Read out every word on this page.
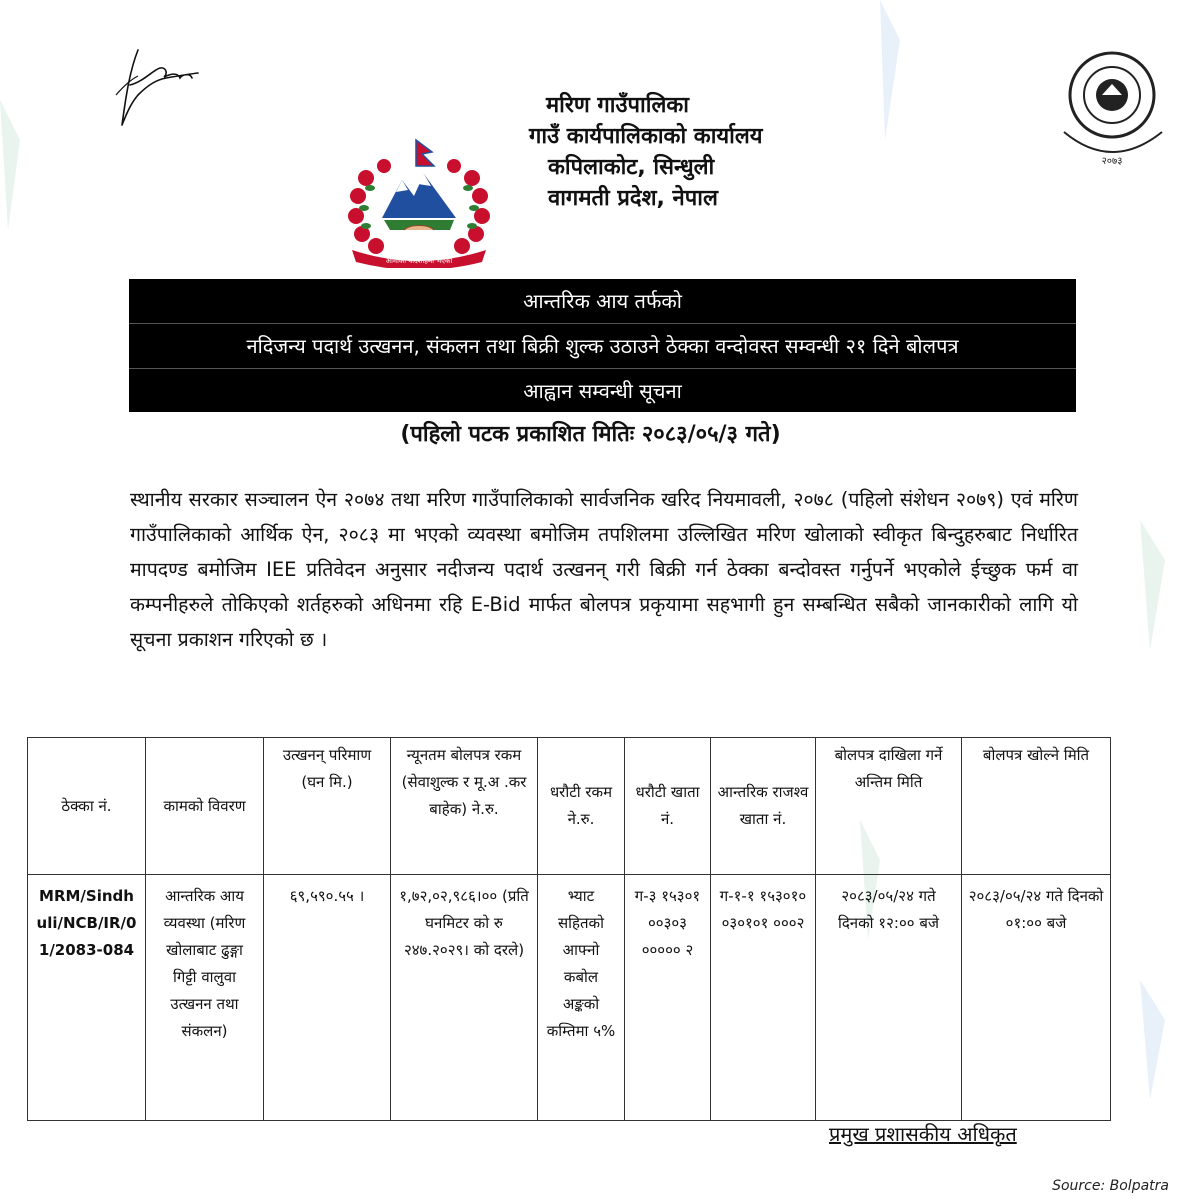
आमाको वादशाहमा भएको
मरिण गाउँपालिका
गाउँ कार्यपालिकाको कार्यालय
कपिलाकोट, सिन्धुली
वागमती प्रदेश, नेपाल
२०७३
आन्तरिक आय तर्फको
नदिजन्य पदार्थ उत्खनन, संकलन तथा बिक्री शुल्क उठाउने ठेक्का वन्दोवस्त सम्वन्धी २१ दिने बोलपत्र
आह्वान सम्वन्धी सूचना
(पहिलो पटक प्रकाशित मितिः २०८३/०५/३ गते)
स्थानीय सरकार सञ्चालन ऐन २०७४ तथा मरिण गाउँपालिकाको सार्वजनिक खरिद नियमावली, २०७८ (पहिलो संशेधन २०७९) एवं मरिण गाउँपालिकाको आर्थिक ऐन, २०८३ मा भएको व्यवस्था बमोजिम तपशिलमा उल्लिखित मरिण खोलाको स्वीकृत बिन्दुहरुबाट निर्धारित मापदण्ड बमोजिम IEE प्रतिवेदन अनुसार नदीजन्य पदार्थ उत्खनन् गरी बिक्री गर्न ठेक्का बन्दोवस्त गर्नुपर्ने भएकोले ईच्छुक फर्म वा कम्पनीहरुले तोकिएको शर्तहरुको अधिनमा रहि E-Bid मार्फत बोलपत्र प्रकृयामा सहभागी हुन सम्बन्धित सबैको जानकारीको लागि यो सूचना प्रकाशन गरिएको छ ।
ठेक्का नं.	कामको विवरण	उत्खनन् परिमाण (घन मि.)	न्यूनतम बोलपत्र रकम (सेवाशुल्क र मू.अ .कर बाहेक) ने.रु.	धरौटी रकम ने.रु.	धरौटी खाता नं.	आन्तरिक राजश्व खाता नं.	बोलपत्र दाखिला गर्ने अन्तिम मिति	बोलपत्र खोल्ने मिति
MRM/Sindhuli/NCB/IR/01/2083-084	आन्तरिक आय व्यवस्था (मरिण खोलाबाट ढुङ्गा गिट्टी वालुवा उत्खनन तथा संकलन)	६९,५९०.५५ ।	१,७२,०२,९८६।०० (प्रति घनमिटर को रु २४७.२०२९। को दरले)	भ्याट सहितको आफ्नो कबोल अङ्कको कम्तिमा ५%	ग-३ १५३०१ ००३०३ ००००० २	ग-१-१ १५३०१० ०३०१०१ ०००२	२०८३/०५/२४ गते दिनको १२:०० बजे	२०८३/०५/२४ गते दिनको ०१:०० बजे
प्रमुख प्रशासकीय अधिकृत
Source: Bolpatra
